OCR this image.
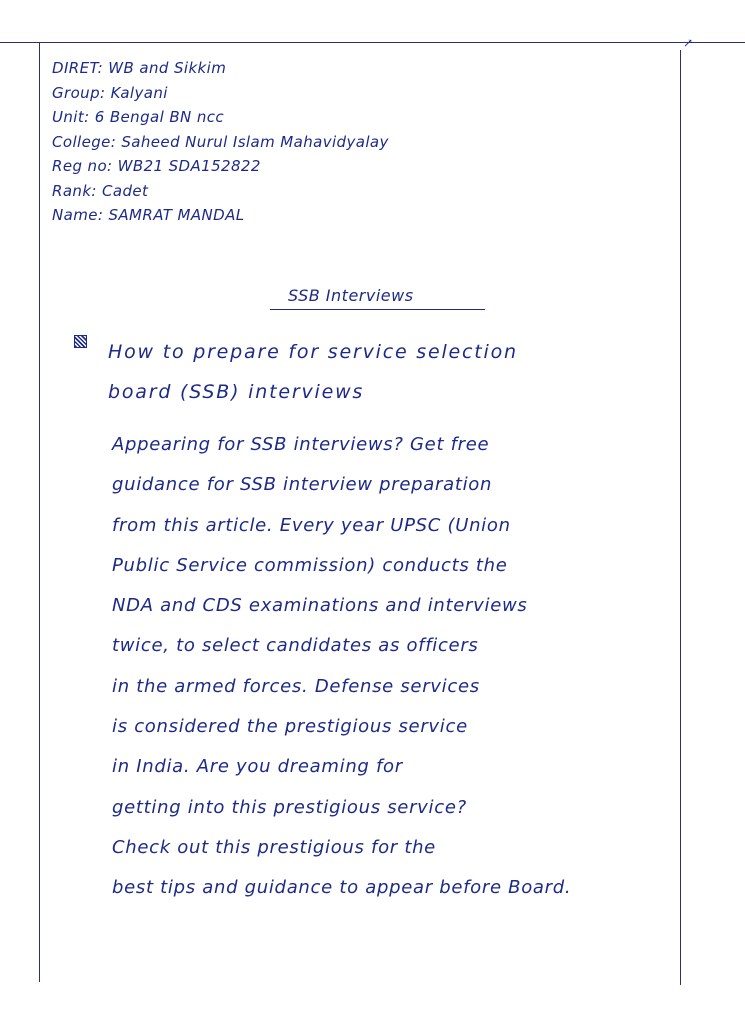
↗
DIRET: WB and Sikkim
Group: Kalyani
Unit: 6 Bengal BN ncc
College: Saheed Nurul Islam Mahavidyalay
Reg no: WB21 SDA152822
Rank: Cadet
Name: SAMRAT MANDAL
SSB Interviews
How to prepare for service selection
board (SSB) interviews
Appearing for SSB interviews? Get free
guidance for SSB interview preparation
from this article. Every year UPSC (Union
Public Service commission) conducts the
NDA and CDS examinations and interviews
twice, to select candidates as officers
in the armed forces. Defense services
is considered the prestigious service
in India. Are you dreaming for
getting into this prestigious service?
Check out this prestigious for the
best tips and guidance to appear before Board.
